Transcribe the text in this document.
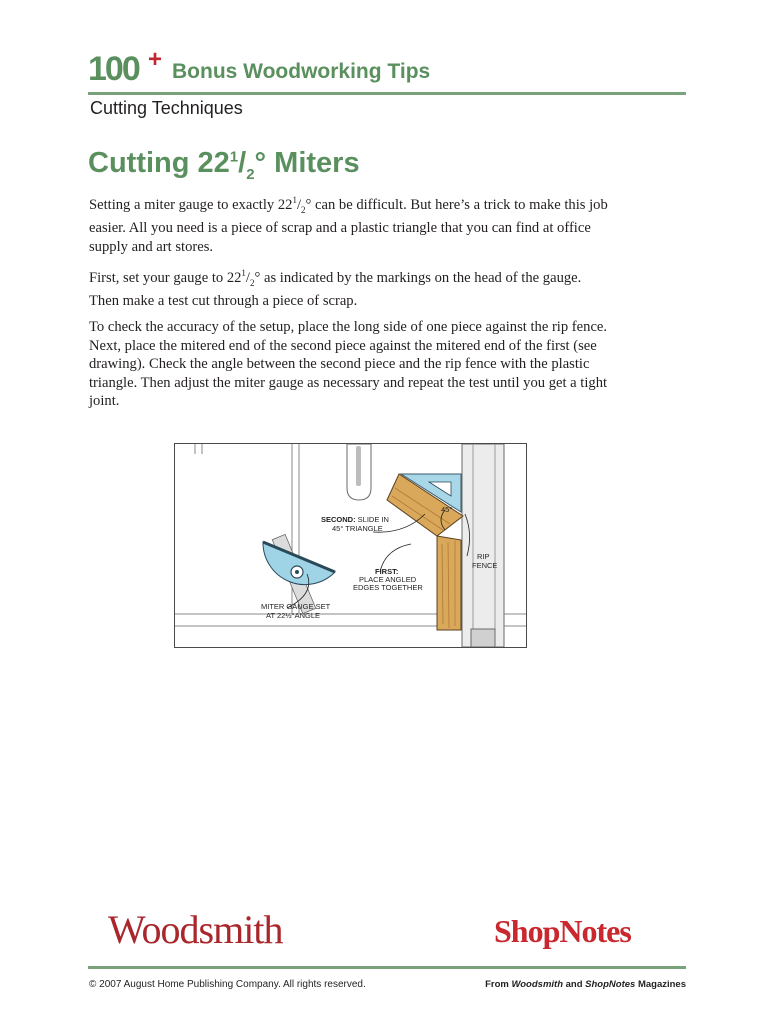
100 + Bonus Woodworking Tips
Cutting Techniques
Cutting $22^1/_2^\circ$ Miters
Setting a miter gauge to exactly $22^1/_2^\circ$ can be difficult. But here’s a trick to make this job easier. All you need is a piece of scrap and a plastic triangle that you can find at office supply and art stores.
First, set your gauge to $22^1/_2^\circ$ as indicated by the markings on the head of the gauge. Then make a test cut through a piece of scrap.
To check the accuracy of the setup, place the long side of one piece against the rip fence. Next, place the mitered end of the second piece against the mitered end of the first (see drawing). Check the angle between the second piece and the rip fence with the plastic triangle. Then adjust the miter gauge as necessary and repeat the test until you get a tight joint.
SECOND: SLIDE IN
45° TRIANGLE
FIRST:
PLACE ANGLED
EDGES TOGETHER
MITER GAUGE SET
AT 22½°ANGLE
45°
RIP
FENCE
Woodsmith	ShopNotes
© 2007 August Home Publishing Company. All rights reserved.	From Woodsmith and ShopNotes Magazines
